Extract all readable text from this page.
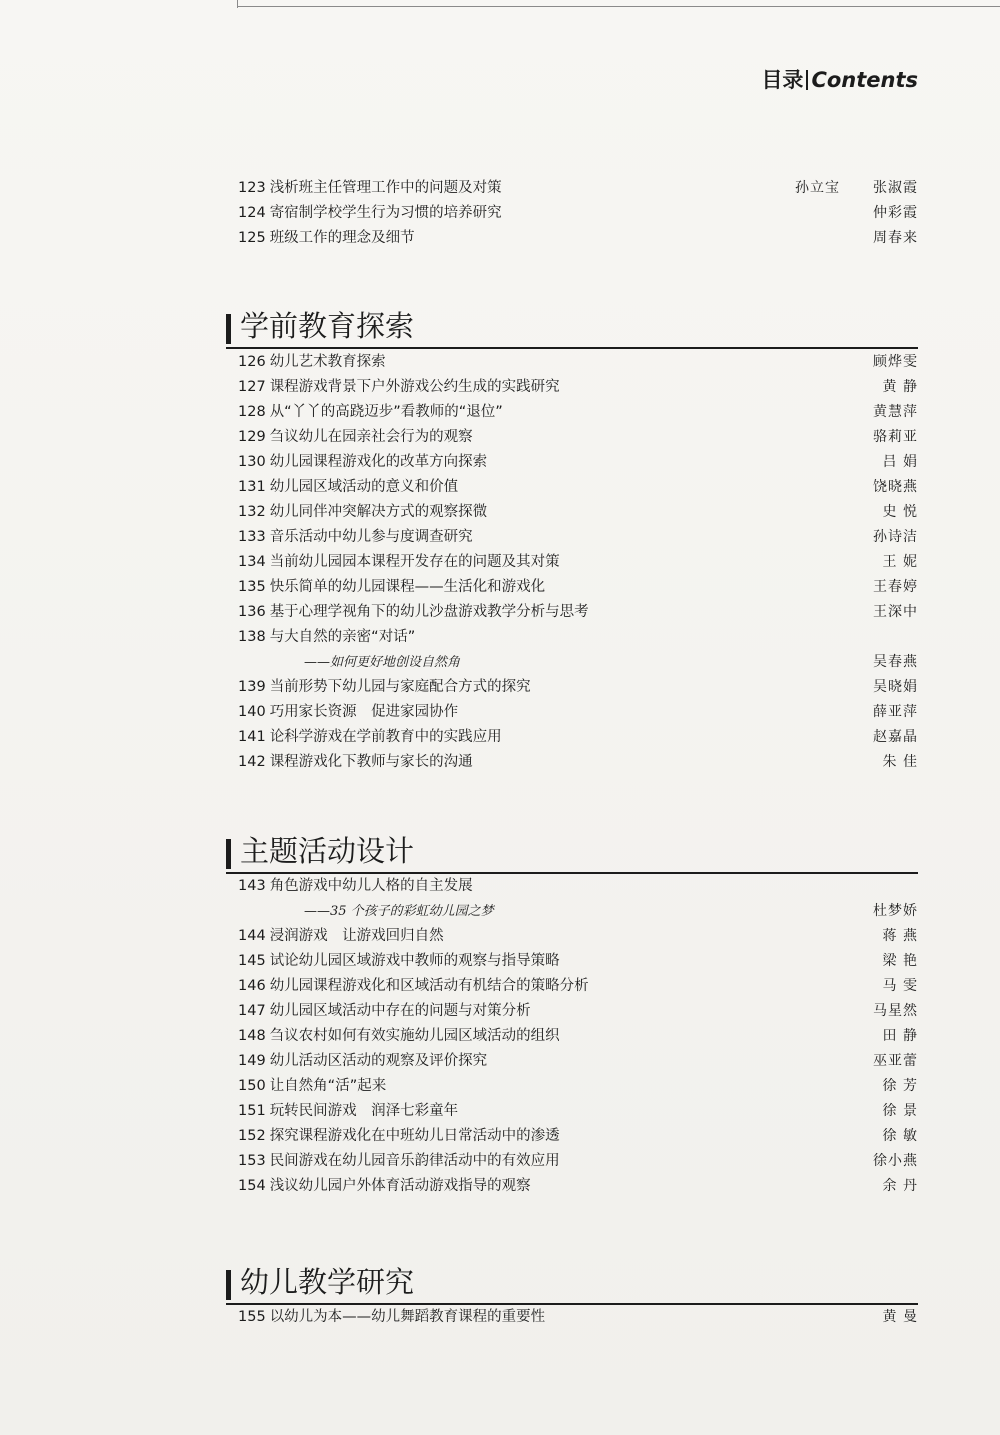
目录 Contents
123 浅析班主任管理工作中的问题及对策	孙立宝 张淑霞
124 寄宿制学校学生行为习惯的培养研究	仲彩霞
125 班级工作的理念及细节	周春来
学前教育探索
126 幼儿艺术教育探索	顾烨雯
127 课程游戏背景下户外游戏公约生成的实践研究	黄 静
128 从“丫丫的高跷迈步”看教师的“退位”	黄慧萍
129 刍议幼儿在园亲社会行为的观察	骆莉亚
130 幼儿园课程游戏化的改革方向探索	吕 娟
131 幼儿园区域活动的意义和价值	饶晓燕
132 幼儿同伴冲突解决方式的观察探微	史 悦
133 音乐活动中幼儿参与度调查研究	孙诗洁
134 当前幼儿园园本课程开发存在的问题及其对策	王 妮
135 快乐简单的幼儿园课程——生活化和游戏化	王春婷
136 基于心理学视角下的幼儿沙盘游戏教学分析与思考	王深中
138 与大自然的亲密“对话”
——如何更好地创设自然角	吴春燕
139 当前形势下幼儿园与家庭配合方式的探究	吴晓娟
140 巧用家长资源　促进家园协作	薛亚萍
141 论科学游戏在学前教育中的实践应用	赵嘉晶
142 课程游戏化下教师与家长的沟通	朱 佳
主题活动设计
143 角色游戏中幼儿人格的自主发展
——35 个孩子的彩虹幼儿园之梦	杜梦娇
144 浸润游戏　让游戏回归自然	蒋 燕
145 试论幼儿园区域游戏中教师的观察与指导策略	梁 艳
146 幼儿园课程游戏化和区域活动有机结合的策略分析	马 雯
147 幼儿园区域活动中存在的问题与对策分析	马星然
148 刍议农村如何有效实施幼儿园区域活动的组织	田 静
149 幼儿活动区活动的观察及评价探究	巫亚蕾
150 让自然角“活”起来	徐 芳
151 玩转民间游戏　润泽七彩童年	徐 景
152 探究课程游戏化在中班幼儿日常活动中的渗透	徐 敏
153 民间游戏在幼儿园音乐韵律活动中的有效应用	徐小燕
154 浅议幼儿园户外体育活动游戏指导的观察	余 丹
幼儿教学研究
155 以幼儿为本——幼儿舞蹈教育课程的重要性	黄 曼
